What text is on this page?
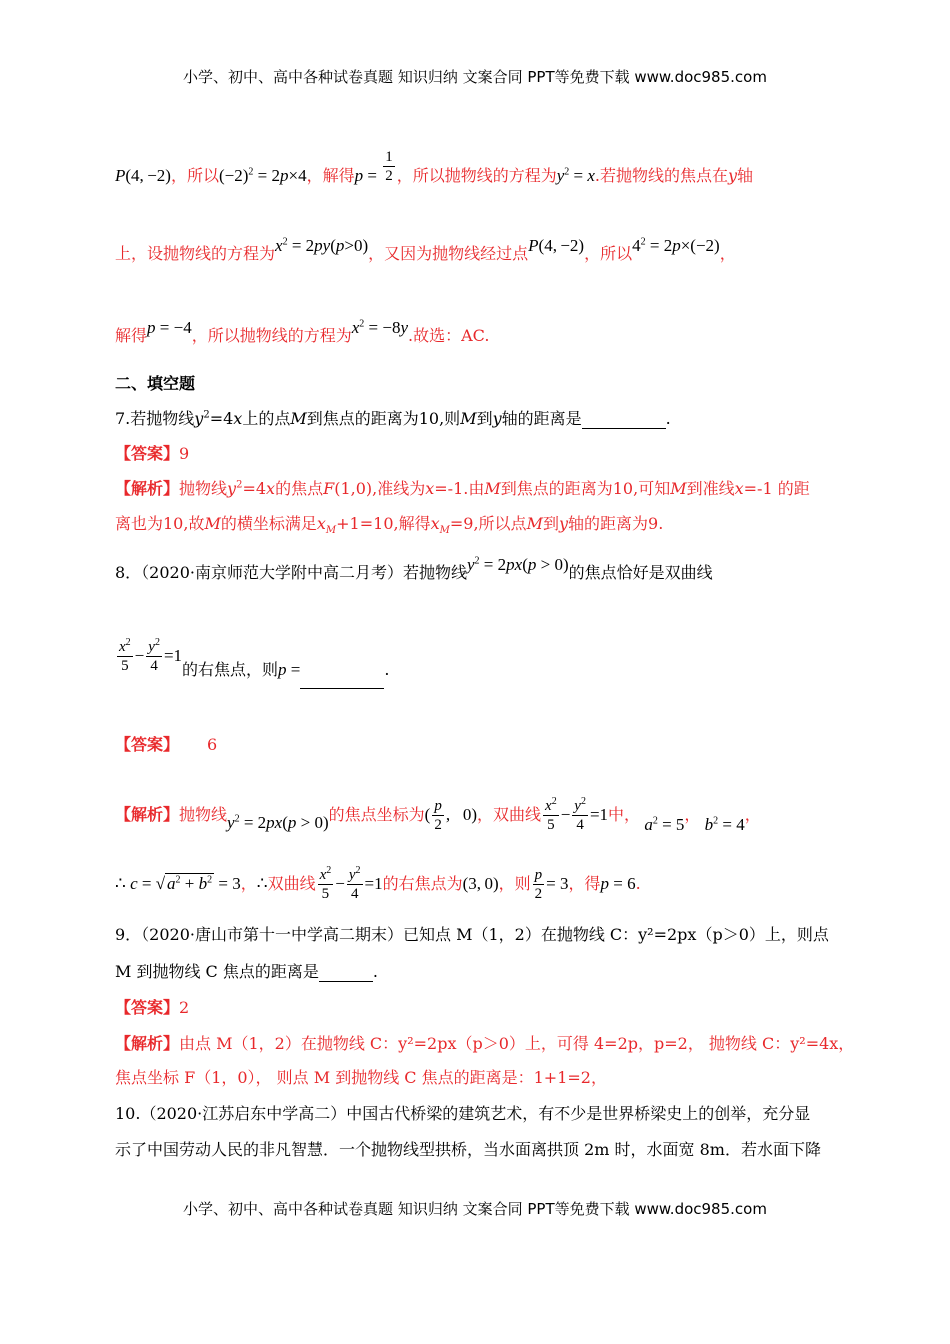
小学、初中、高中各种试卷真题 知识归纳 文案合同 PPT等免费下载 www.doc985.com
P(4, −2)，所以$(-2)^2 = 2p\times 4$，解得$p = \frac{1}{2}$ ，所以抛物线的方程为$y^2 = x$.若抛物线的焦点在y轴
上，设抛物线的方程为$x^2 = 2py(p>0)$，又因为抛物线经过点P(4, −2)，所以$4^2 = 2p\times(-2)$，
解得p = −4，所以抛物线的方程为$x^2 = -8y$.故选：AC.
二、填空题
7.若抛物线$y^2=4x$上的点M到焦点的距离为10,则M到y轴的距离是	.
【答案】9
【解析】抛物线$y^2=4x$的焦点F(1,0),准线为x=-1.由M到焦点的距离为10,可知M到准线x=-1 的距
离也为10,故M的横坐标满足$x_M+1=10$,解得$x_M=9$,所以点M到y轴的距离为9.
8．（2020·南京师范大学附中高二月考）若抛物线$y^2 = 2px(p > 0)$的焦点恰好是双曲线
$\frac{x^2}{5} - \frac{y^2}{4} =1$的右焦点，则p =	.
【答案】 6
【解析】抛物线$y^2 = 2px(p > 0)$的焦点坐标为( $\frac{p}{2}$ ,   0)，双曲线 $\frac{x^2}{5} - \frac{y^2}{4} =1$中， $a^2 = 5$， $b^2 = 4$，
∴ c = √ $a^2 + b^2 = 3$，∴双曲线 $\frac{x^2}{5} - \frac{y^2}{4} =1$的右焦点为(3, 0)，则 $\frac{p}{2} = 3$，得p = 6.
9．（2020·唐山市第十一中学高二期末）已知点 M（1，2）在抛物线 C：y²=2px（p＞0）上，则点
M 到抛物线 C 焦点的距离是	.
【答案】2
【解析】由点 M（1，2）在抛物线 C：y²=2px（p＞0）上，可得 4=2p，p=2， 抛物线 C：y²=4x，
焦点坐标 F（1，0）， 则点 M 到抛物线 C 焦点的距离是：1+1=2，
10.（2020·江苏启东中学高二）中国古代桥梁的建筑艺术，有不少是世界桥梁史上的创举，充分显
示了中国劳动人民的非凡智慧．一个抛物线型拱桥，当水面离拱顶 2m 时，水面宽 8m．若水面下降
小学、初中、高中各种试卷真题 知识归纳 文案合同 PPT等免费下载 www.doc985.com
